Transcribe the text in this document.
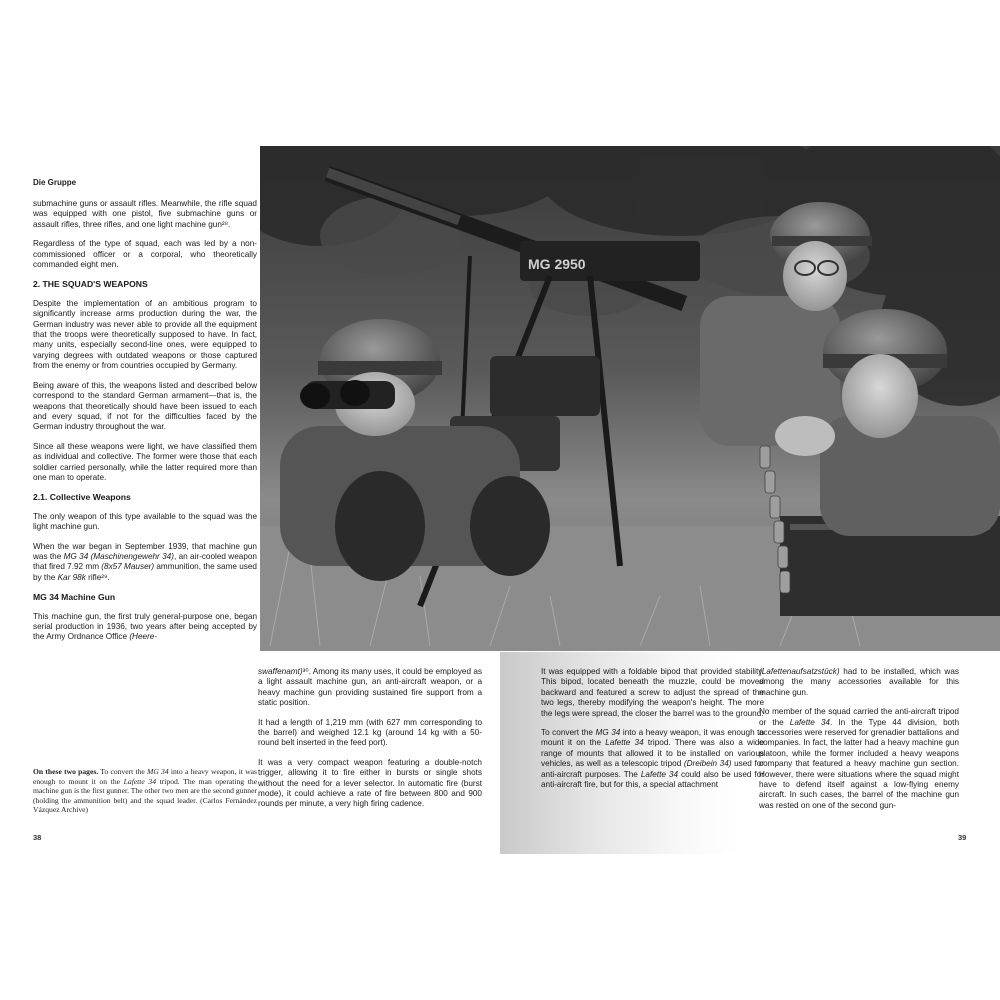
Die Gruppe

submachine guns or assault rifles. Meanwhile, the rifle squad was equipped with one pistol, five submachine guns or assault rifles, three rifles, and one light machine gun²⁸.

Regardless of the type of squad, each was led by a non-commissioned officer or a corporal, who theoretically commanded eight men.

2. THE SQUAD'S WEAPONS

Despite the implementation of an ambitious program to significantly increase arms production during the war, the German industry was never able to provide all the equipment that the troops were theoretically supposed to have. In fact, many units, especially second-line ones, were equipped to varying degrees with outdated weapons or those captured from the enemy or from countries occupied by Germany.

Being aware of this, the weapons listed and described below correspond to the standard German armament—that is, the weapons that theoretically should have been issued to each and every squad, if not for the difficulties faced by the German industry throughout the war.

Since all these weapons were light, we have classified them as individual and collective. The former were those that each soldier carried personally, while the latter required more than one man to operate.

2.1. Collective Weapons

The only weapon of this type available to the squad was the light machine gun.

When the war began in September 1939, that machine gun was the MG 34 (Maschinengewehr 34), an air-cooled weapon that fired 7.92 mm (8x57 Mauser) ammunition, the same used by the Kar 98k rifle²⁹.

MG 34 Machine Gun

This machine gun, the first truly general-purpose one, began serial production in 1936, two years after being accepted by the Army Ordnance Office (Heere-

On these two pages. To convert the MG 34 into a heavy weapon, it was enough to mount it on the Lafette 34 tripod. The man operating the machine gun is the first gunner. The other two men are the second gunner (holding the ammunition belt) and the squad leader. (Carlos Fernández Vázquez Archive)
MG 2950

swaffenamt)³⁰. Among its many uses, it could be employed as a light assault machine gun, an anti-aircraft weapon, or a heavy machine gun providing sustained fire support from a static position.

It had a length of 1,219 mm (with 627 mm corresponding to the barrel) and weighed 12.1 kg (around 14 kg with a 50-round belt inserted in the feed port).

It was a very compact weapon featuring a double-notch trigger, allowing it to fire either in bursts or single shots without the need for a lever selector. In automatic fire (burst mode), it could achieve a rate of fire between 800 and 900 rounds per minute, a very high firing cadence.

It was equipped with a foldable bipod that provided stability. This bipod, located beneath the muzzle, could be moved backward and featured a screw to adjust the spread of the two legs, thereby modifying the weapon's height. The more the legs were spread, the closer the barrel was to the ground.

To convert the MG 34 into a heavy weapon, it was enough to mount it on the Lafette 34 tripod. There was also a wide range of mounts that allowed it to be installed on various vehicles, as well as a telescopic tripod (Dreibein 34) used for anti-aircraft purposes. The Lafette 34 could also be used for anti-aircraft fire, but for this, a special attachment

(Lafettenaufsatzstück) had to be installed, which was among the many accessories available for this machine gun.

No member of the squad carried the anti-aircraft tripod or the Lafette 34. In the Type 44 division, both accessories were reserved for grenadier battalions and companies. In fact, the latter had a heavy machine gun platoon, while the former included a heavy weapons company that featured a heavy machine gun section. However, there were situations where the squad might have to defend itself against a low-flying enemy aircraft. In such cases, the barrel of the machine gun was rested on one of the second gun-

38	39
